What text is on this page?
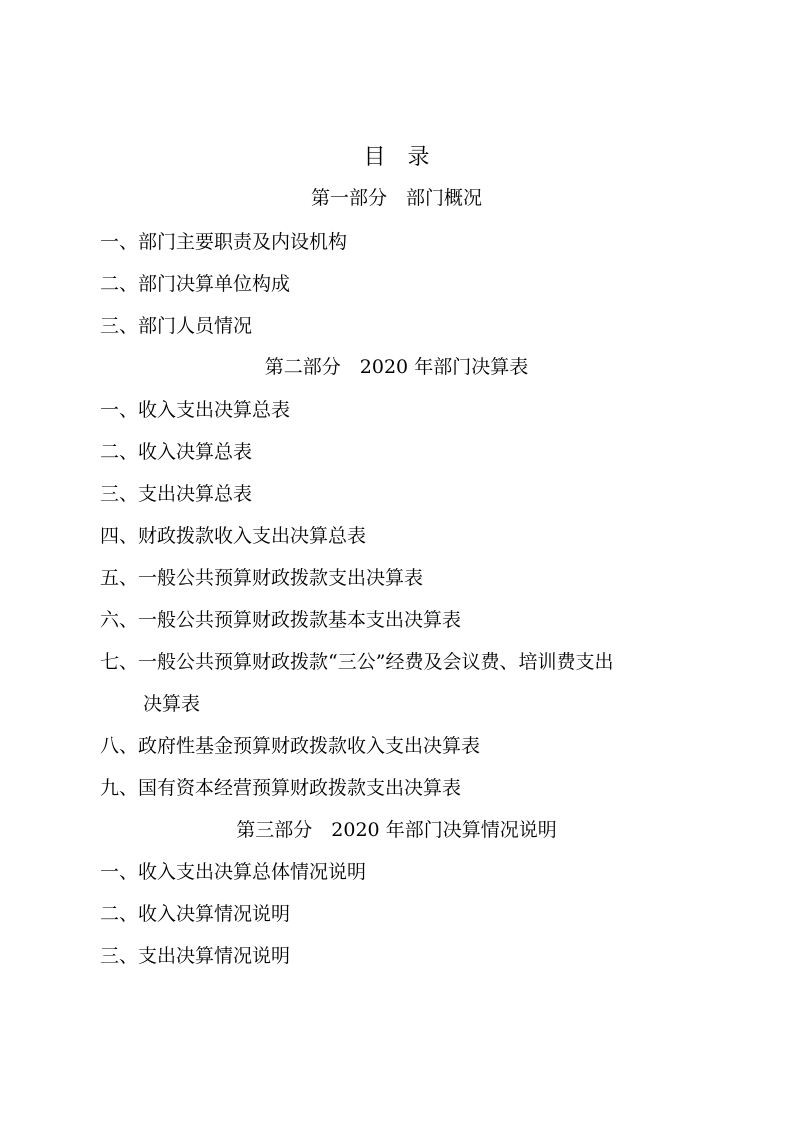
目　录
第一部分　部门概况
一、部门主要职责及内设机构
二、部门决算单位构成
三、部门人员情况
第二部分　2020 年部门决算表
一、收入支出决算总表
二、收入决算总表
三、支出决算总表
四、财政拨款收入支出决算总表
五、一般公共预算财政拨款支出决算表
六、一般公共预算财政拨款基本支出决算表
七、一般公共预算财政拨款“三公”经费及会议费、培训费支出
决算表
八、政府性基金预算财政拨款收入支出决算表
九、国有资本经营预算财政拨款支出决算表
第三部分　2020 年部门决算情况说明
一、收入支出决算总体情况说明
二、收入决算情况说明
三、支出决算情况说明
